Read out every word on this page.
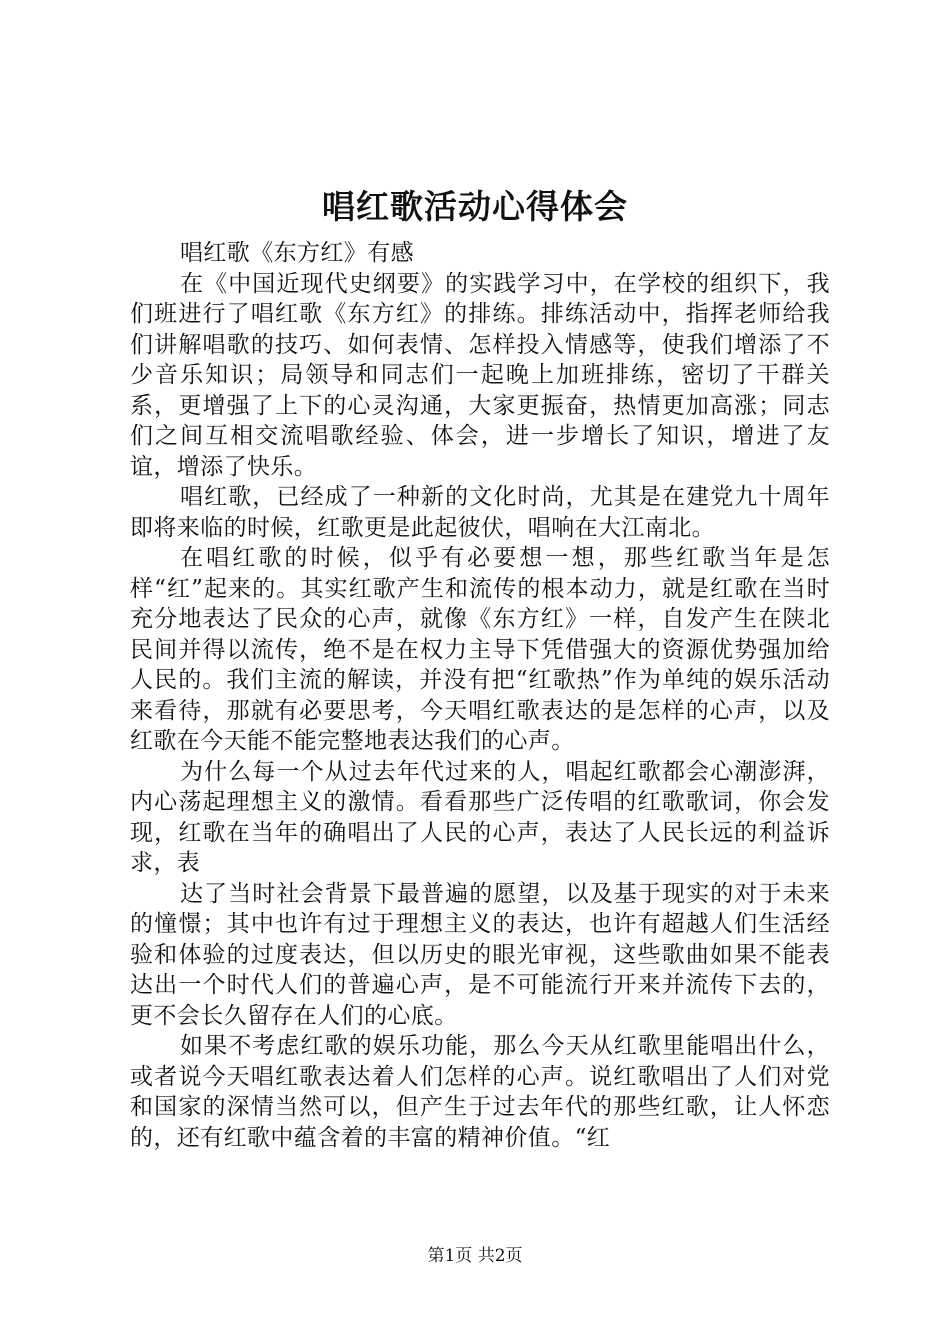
唱红歌活动心得体会

唱红歌《东方红》有感

在《中国近现代史纲要》的实践学习中，在学校的组织下，我们班进行了唱红歌《东方红》的排练。排练活动中，指挥老师给我们讲解唱歌的技巧、如何表情、怎样投入情感等，使我们增添了不少音乐知识；局领导和同志们一起晚上加班排练，密切了干群关系，更增强了上下的心灵沟通，大家更振奋，热情更加高涨；同志们之间互相交流唱歌经验、体会，进一步增长了知识，增进了友谊，增添了快乐。

唱红歌，已经成了一种新的文化时尚，尤其是在建党九十周年即将来临的时候，红歌更是此起彼伏，唱响在大江南北。

在唱红歌的时候，似乎有必要想一想，那些红歌当年是怎样“红”起来的。其实红歌产生和流传的根本动力，就是红歌在当时充分地表达了民众的心声，就像《东方红》一样，自发产生在陕北民间并得以流传，绝不是在权力主导下凭借强大的资源优势强加给人民的。我们主流的解读，并没有把“红歌热”作为单纯的娱乐活动来看待，那就有必要思考，今天唱红歌表达的是怎样的心声，以及红歌在今天能不能完整地表达我们的心声。

为什么每一个从过去年代过来的人，唱起红歌都会心潮澎湃，内心荡起理想主义的激情。看看那些广泛传唱的红歌歌词，你会发现，红歌在当年的确唱出了人民的心声，表达了人民长远的利益诉求，表

达了当时社会背景下最普遍的愿望，以及基于现实的对于未来的憧憬；其中也许有过于理想主义的表达，也许有超越人们生活经验和体验的过度表达，但以历史的眼光审视，这些歌曲如果不能表达出一个时代人们的普遍心声，是不可能流行开来并流传下去的，更不会长久留存在人们的心底。

如果不考虑红歌的娱乐功能，那么今天从红歌里能唱出什么，或者说今天唱红歌表达着人们怎样的心声。说红歌唱出了人们对党和国家的深情当然可以，但产生于过去年代的那些红歌，让人怀恋的，还有红歌中蕴含着的丰富的精神价值。“红

第1页 共2页
